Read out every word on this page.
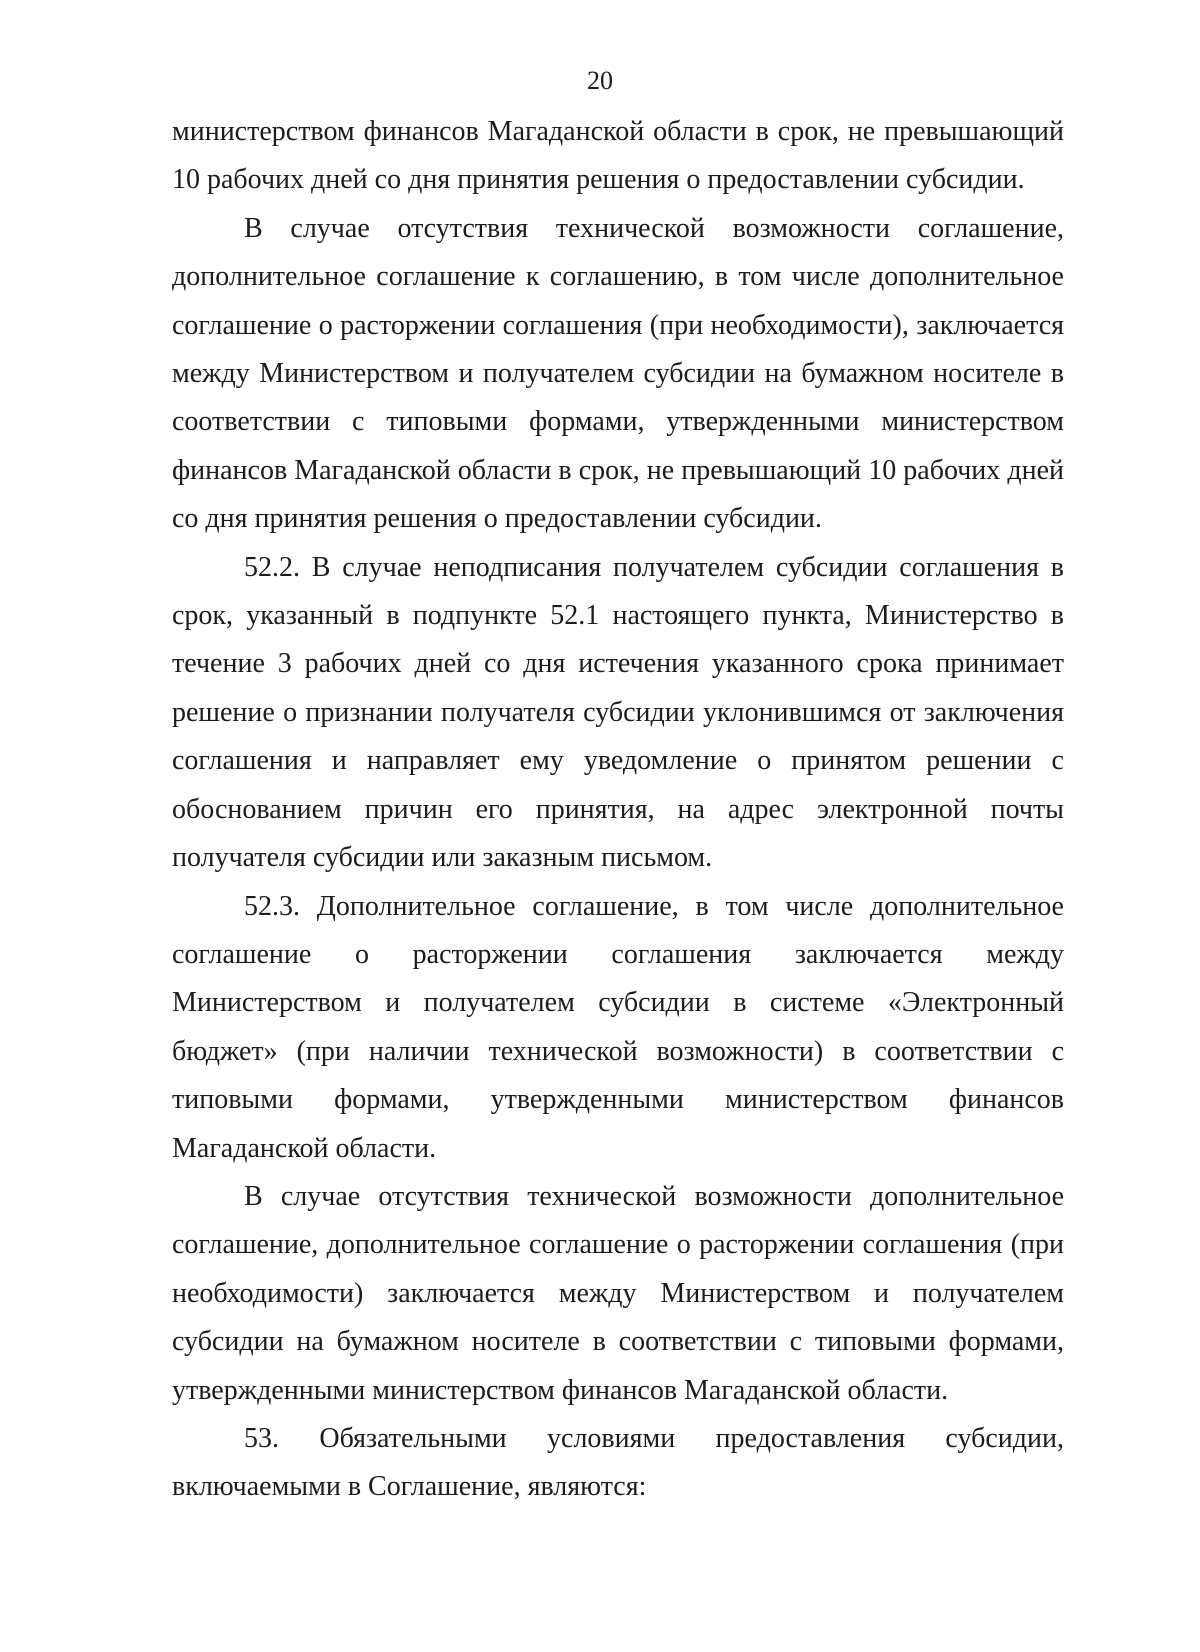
20

министерством финансов Магаданской области в срок, не превышающий 10 рабочих дней со дня принятия решения о предоставлении субсидии.

В случае отсутствия технической возможности соглашение, дополнительное соглашение к соглашению, в том числе дополнительное соглашение о расторжении соглашения (при необходимости), заключается между Министерством и получателем субсидии на бумажном носителе в соответствии с типовыми формами, утвержденными министерством финансов Магаданской области в срок, не превышающий 10 рабочих дней со дня принятия решения о предоставлении субсидии.

52.2. В случае неподписания получателем субсидии соглашения в срок, указанный в подпункте 52.1 настоящего пункта, Министерство в течение 3 рабочих дней со дня истечения указанного срока принимает решение о признании получателя субсидии уклонившимся от заключения соглашения и направляет ему уведомление о принятом решении с обоснованием причин его принятия, на адрес электронной почты получателя субсидии или заказным письмом.

52.3. Дополнительное соглашение, в том числе дополнительное соглашение о расторжении соглашения заключается между Министерством и получателем субсидии в системе «Электронный бюджет» (при наличии технической возможности) в соответствии с типовыми формами, утвержденными министерством финансов Магаданской области.

В случае отсутствия технической возможности дополнительное соглашение, дополнительное соглашение о расторжении соглашения (при необходимости) заключается между Министерством и получателем субсидии на бумажном носителе в соответствии с типовыми формами, утвержденными министерством финансов Магаданской области.

53. Обязательными условиями предоставления субсидии, включаемыми в Соглашение, являются:
